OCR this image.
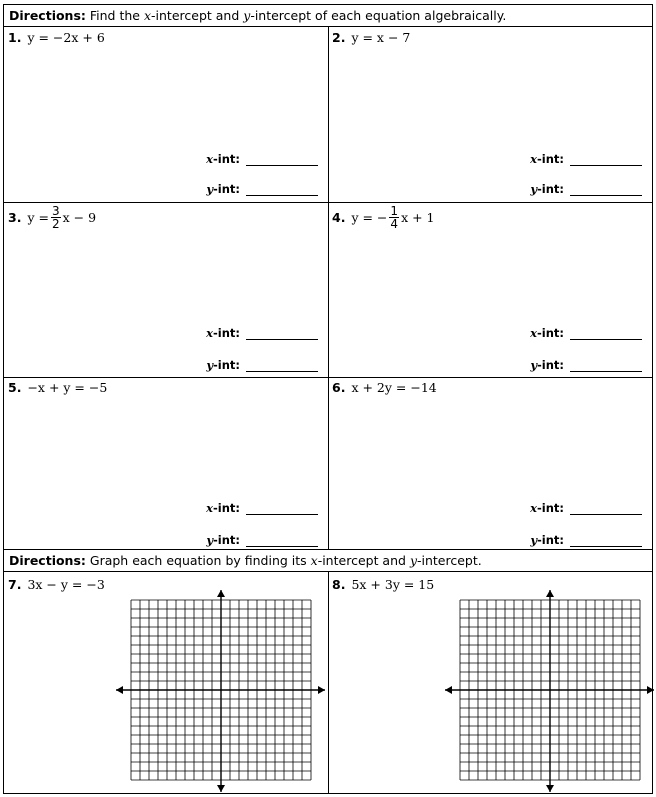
Directions: Find the x-intercept and y-intercept of each equation algebraically.
1. y = −2x + 6
x-int:
y-int:
2. y = x − 7
x-int:
y-int:
3. $y = \frac{3}{2}$ x − 9
x-int:
y-int:
4. y = − $\frac{1}{4}$ x + 1
x-int:
y-int:
5. −x + y = −5
x-int:
y-int:
6. x + 2y = −14
x-int:
y-int:
Directions: Graph each equation by finding its x-intercept and y-intercept.
7. 3x − y = −3	8. 5x + 3y = 15
